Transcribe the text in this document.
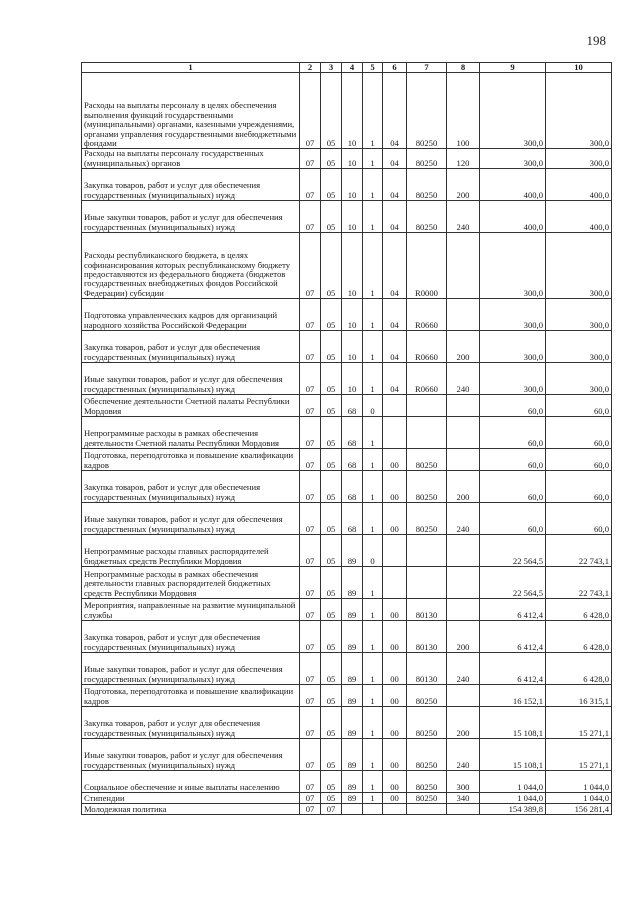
198
1	2	3	4	5	6	7	8	9	10
Расходы на выплаты персоналу в целях обеспечения выполнения функций государственными (муниципальными) органами, казенными учреждениями, органами управления государственными внебюджетными фондами	07	05	10	1	04	80250	100	300,0	300,0
Расходы на выплаты персоналу государственных (муниципальных) органов	07	05	10	1	04	80250	120	300,0	300,0
Закупка товаров, работ и услуг для обеспечения государственных (муниципальных) нужд	07	05	10	1	04	80250	200	400,0	400,0
Иные закупки товаров, работ и услуг для обеспечения государственных (муниципальных) нужд	07	05	10	1	04	80250	240	400,0	400,0
Расходы республиканского бюджета, в целях софинансирования которых республиканскому бюджету предоставляются из федерального бюджета (бюджетов государственных внебюджетных фондов Российской Федерации) субсидии	07	05	10	1	04	R0000		300,0	300,0
Подготовка управленческих кадров для организаций народного хозяйства Российской Федерации	07	05	10	1	04	R0660		300,0	300,0
Закупка товаров, работ и услуг для обеспечения государственных (муниципальных) нужд	07	05	10	1	04	R0660	200	300,0	300,0
Иные закупки товаров, работ и услуг для обеспечения государственных (муниципальных) нужд	07	05	10	1	04	R0660	240	300,0	300,0
Обеспечение деятельности Счетной палаты Республики Мордовия	07	05	68	0				60,0	60,0
Непрограммные расходы в рамках обеспечения деятельности Счетной палаты Республики Мордовия	07	05	68	1				60,0	60,0
Подготовка, переподготовка и повышение квалификации кадров	07	05	68	1	00	80250		60,0	60,0
Закупка товаров, работ и услуг для обеспечения государственных (муниципальных) нужд	07	05	68	1	00	80250	200	60,0	60,0
Иные закупки товаров, работ и услуг для обеспечения государственных (муниципальных) нужд	07	05	68	1	00	80250	240	60,0	60,0
Непрограммные расходы главных распорядителей бюджетных средств Республики Мордовия	07	05	89	0				22 564,5	22 743,1
Непрограммные расходы в рамках обеспечения деятельности главных распорядителей бюджетных средств Республики Мордовия	07	05	89	1				22 564,5	22 743,1
Мероприятия, направленные на развитие муниципальной службы	07	05	89	1	00	80130		6 412,4	6 428,0
Закупка товаров, работ и услуг для обеспечения государственных (муниципальных) нужд	07	05	89	1	00	80130	200	6 412,4	6 428,0
Иные закупки товаров, работ и услуг для обеспечения государственных (муниципальных) нужд	07	05	89	1	00	80130	240	6 412,4	6 428,0
Подготовка, переподготовка и повышение квалификации кадров	07	05	89	1	00	80250		16 152,1	16 315,1
Закупка товаров, работ и услуг для обеспечения государственных (муниципальных) нужд	07	05	89	1	00	80250	200	15 108,1	15 271,1
Иные закупки товаров, работ и услуг для обеспечения государственных (муниципальных) нужд	07	05	89	1	00	80250	240	15 108,1	15 271,1
Социальное обеспечение и иные выплаты населению	07	05	89	1	00	80250	300	1 044,0	1 044,0
Стипендии	07	05	89	1	00	80250	340	1 044,0	1 044,0
Молодежная политика	07	07						154 389,8	156 281,4
